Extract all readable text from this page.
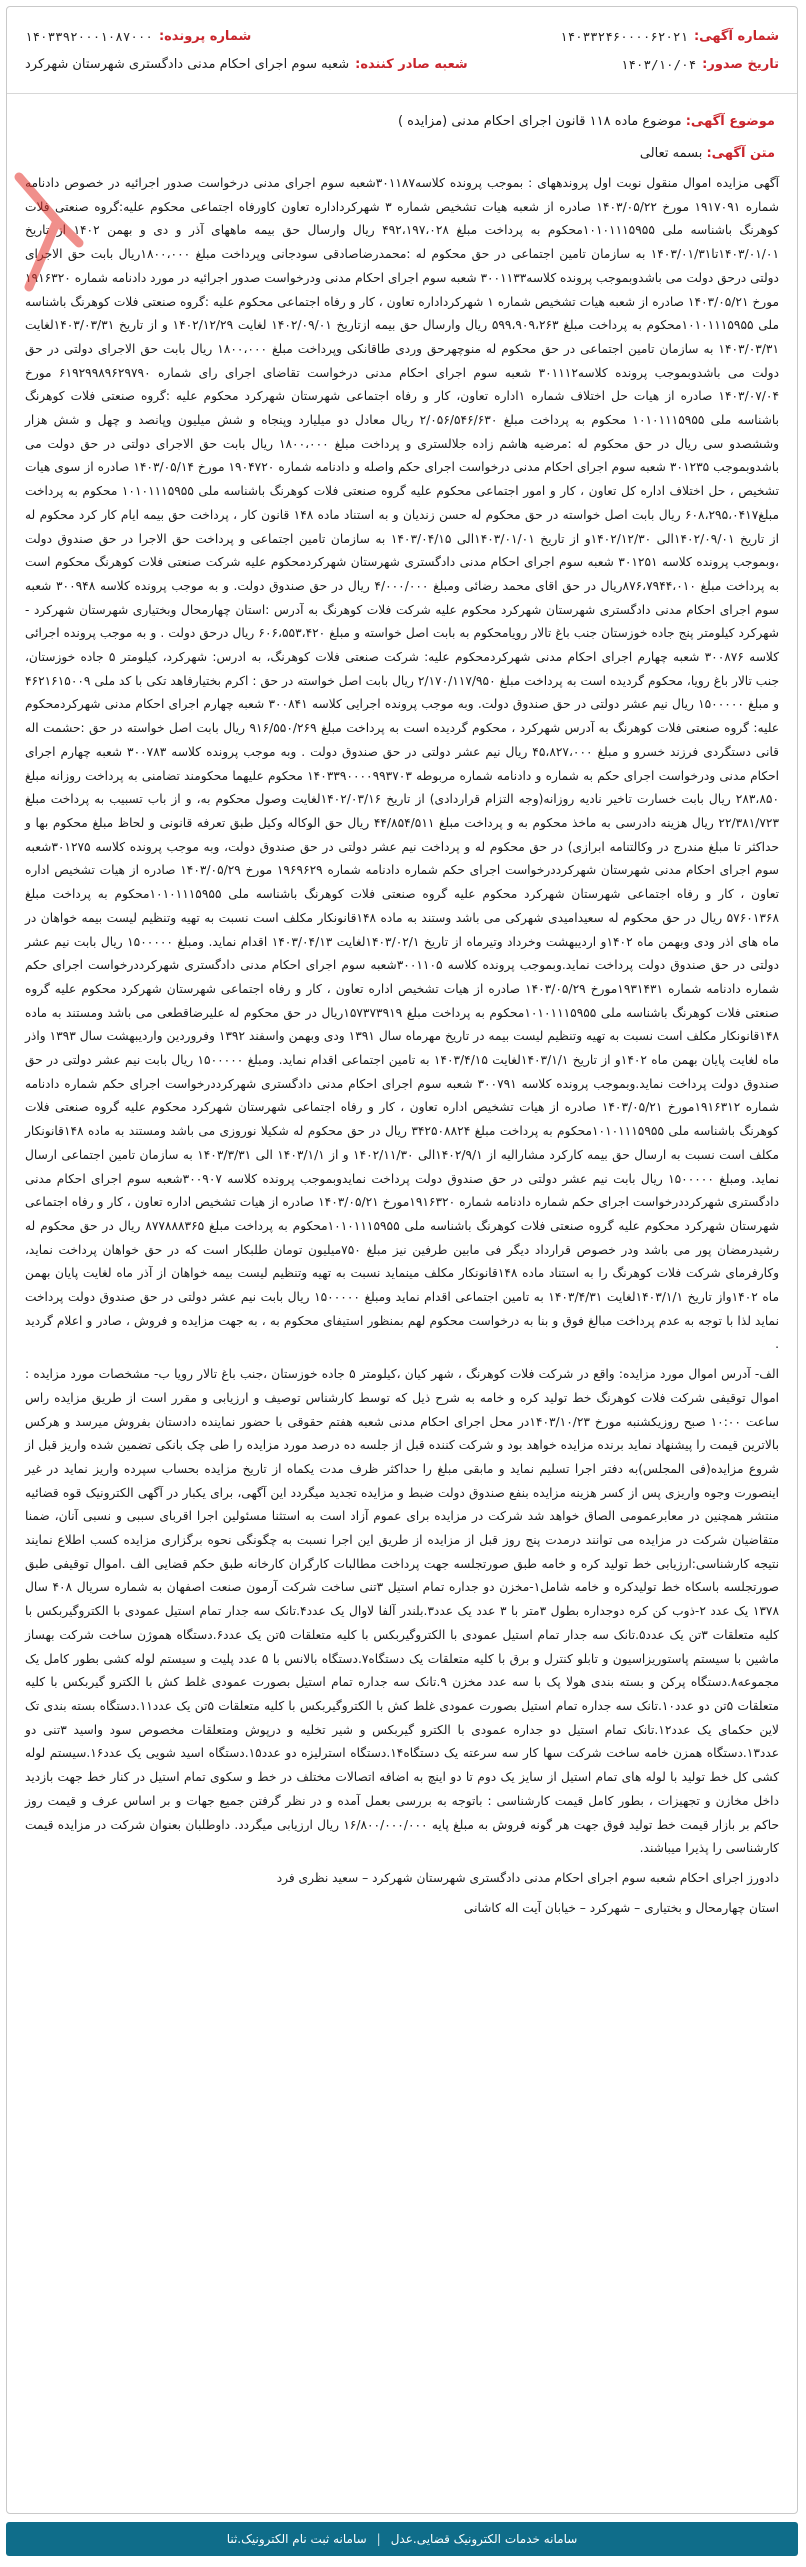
شماره آگهی:
۱۴۰۳۳۲۴۶۰۰۰۰۶۲۰۲۱
شماره پرونده:
۱۴۰۳۳۹۲۰۰۰۱۰۸۷۰۰۰
تاریخ صدور:
۱۴۰۳/۱۰/۰۴
شعبه صادر کننده:
شعبه سوم اجرای احکام مدنی دادگستری شهرستان شهرکرد
موضوع آگهی: موضوع ماده ۱۱۸ قانون اجرای احکام مدنی (مزایده )
متن آگهی: بسمه تعالی

آگهی مزایده اموال منقول نوبت اول پروندههای : بموجب پرونده کلاسه۳۰۱۱۸۷شعبه سوم اجرای مدنی درخواست صدور اجرائیه در خصوص دادنامه شماره ۱۹۱۷۰۹۱ مورخ ۱۴۰۳/۰۵/۲۲ صادره از شعبه هیات تشخیص شماره ۳ شهرکرداداره تعاون کاورفاه اجتماعی محکوم علیه:گروه صنعتی فلات کوهرنگ باشناسه ملی ۱۰۱۰۱۱۱۵۹۵۵محکوم به پرداخت مبلغ ۴۹۲،۱۹۷،۰۲۸ ریال وارسال حق بیمه ماههای آذر و دی و بهمن ۱۴۰۲ از تاریخ ۱۴۰۳/۰۱/۰۱تا۱۴۰۳/۰۱/۳۱ به سازمان تامین اجتماعی در حق محکوم له :محمدرضاصادقی سودجانی وپرداخت مبلغ ۱۸۰۰،۰۰۰ریال بابت حق الاجرای دولتی درحق دولت می باشدوبموجب پرونده کلاسه۳۰۰۱۱۳۳ شعبه سوم اجرای احکام مدنی ودرخواست صدور اجرائیه در مورد دادنامه شماره ۱۹۱۶۳۲۰ مورخ ۱۴۰۳/۰۵/۲۱ صادره از شعبه هیات تشخیص شماره ۱ شهرکرداداره تعاون ، کار و رفاه اجتماعی محکوم علیه :گروه صنعتی فلات کوهرنگ باشناسه ملی ۱۰۱۰۱۱۱۵۹۵۵محکوم به پرداخت مبلغ ۵۹۹،۹۰۹،۲۶۳ ریال وارسال حق بیمه ازتاریخ ۱۴۰۲/۰۹/۰۱ لغایت ۱۴۰۲/۱۲/۲۹ و از تاریخ ۱۴۰۳/۰۳/۳۱لغایت ۱۴۰۳/۰۳/۳۱ به سازمان تامین اجتماعی در حق محکوم له منوچهرحق وردی طاقانکی وپرداخت مبلغ ۱۸۰۰،۰۰۰ ریال بابت حق الاجرای دولتی در حق دولت می باشدوبموجب پرونده کلاسه۳۰۱۱۱۲ شعبه سوم اجرای احکام مدنی درخواست تقاضای اجرای رای شماره ۶۱۹۲۹۹۸۹۶۲۹۷۹۰ مورخ ۱۴۰۳/۰۷/۰۴ صادره از هیات حل اختلاف شماره ۱اداره تعاون، کار و رفاه اجتماعی شهرستان شهرکرد محکوم علیه :گروه صنعتی فلات کوهرنگ باشناسه ملی ۱۰۱۰۱۱۱۵۹۵۵ محکوم به پرداخت مبلغ ۲/۰۵۶/۵۴۶/۶۳۰ ریال معادل دو میلیارد وپنجاه و شش میلیون وپانصد و چهل و شش هزار وششصدو سی ریال در حق محکوم له :مرضیه هاشم زاده جلالستری و پرداخت مبلغ ۱۸۰۰،۰۰۰ ریال بابت حق الاجرای دولتی در حق دولت می باشدوبموجب ۳۰۱۲۳۵ شعبه سوم اجرای احکام مدنی درخواست اجرای حکم واصله و دادنامه شماره ۱۹۰۴۷۲۰ مورخ ۱۴۰۳/۰۵/۱۴ صادره از سوی هیات تشخیص ، حل اختلاف اداره کل تعاون ، کار و امور اجتماعی محکوم علیه گروه صنعتی فلات کوهرنگ باشناسه ملی ۱۰۱۰۱۱۱۵۹۵۵ محکوم به پرداخت مبلغ۶۰۸،۲۹۵،۰۴۱۷ ریال بابت اصل خواسته در حق محکوم له حسن زندیان و به استناد ماده ۱۴۸ قانون کار ، پرداخت حق بیمه ایام کار کرد محکوم له از تاریخ ۱۴۰۲/۰۹/۰۱الی ۱۴۰۲/۱۲/۳۰و از تاریخ ۱۴۰۳/۰۱/۰۱الی ۱۴۰۳/۰۴/۱۵ به سازمان تامین اجتماعی و پرداخت حق الاجرا در حق صندوق دولت ،وبموجب پرونده کلاسه ۳۰۱۲۵۱ شعبه سوم اجرای احکام مدنی دادگستری شهرستان شهرکردمحکوم علیه شرکت صنعتی فلات کوهرنگ محکوم است به پرداخت مبلغ ۸۷۶،۷۹۴۴،۰۱۰ریال در حق اقای محمد رضائی ومبلغ ۴/۰۰۰/۰۰۰ ریال در حق صندوق دولت. و به موجب پرونده کلاسه ۳۰۰۹۴۸ شعبه سوم اجرای احکام مدنی دادگستری شهرستان شهرکرد محکوم علیه شرکت فلات کوهرنگ به آدرس :استان چهارمحال وبختیاری شهرستان شهرکرد - شهرکرد کیلومتر پنج جاده خوزستان جنب باغ تالار رویامحکوم به بابت اصل خواسته و مبلغ ۶۰۶،۵۵۳،۴۲۰ ریال درحق دولت . و به موجب پرونده اجرائی کلاسه ۳۰۰۸۷۶ شعبه چهارم اجرای احکام مدنی شهرکردمحکوم علیه: شرکت صنعتی فلات کوهرنگ، به ادرس: شهرکرد، کیلومتر ۵ جاده خوزستان، جنب تالار باغ رویا، محکوم گردیده است به پرداخت مبلغ ۲/۱۷۰/۱۱۷/۹۵۰ ریال بابت اصل خواسته در حق : اکرم بختیارفاهد تکی با کد ملی ۴۶۲۱۶۱۵۰۰۹ و مبلغ ۱۵۰۰۰۰۰ ریال نیم عشر دولتی در حق صندوق دولت. وبه موجب پرونده اجرایی کلاسه ۳۰۰۸۴۱ شعبه چهارم اجرای احکام مدنی شهرکردمحکوم علیه: گروه صنعتی فلات کوهرنگ به آدرس شهرکرد ، محکوم گردیده است به پرداخت مبلغ ۹۱۶/۵۵۰/۲۶۹ ریال بابت اصل خواسته در حق :حشمت اله قانی دستگردی فرزند خسرو و مبلغ ۴۵،۸۲۷،۰۰۰ ریال نیم عشر دولتی در حق صندوق دولت . وبه موجب پرونده کلاسه ۳۰۰۷۸۳ شعبه چهارم اجرای احکام مدنی ودرخواست اجرای حکم به شماره و دادنامه شماره مربوطه ۱۴۰۳۳۹۰۰۰۰۹۹۳۷۰۳ محکوم علیهما محکومند تضامنی به پرداخت روزانه مبلغ ۲۸۳،۸۵۰ ریال بابت خسارت تاخیر نادیه روزانه(وجه التزام قراردادی) از تاریخ ۱۴۰۲/۰۳/۱۶لغایت وصول محکوم به، و از باب تسبیب به پرداخت مبلغ ۲۲/۳۸۱/۷۲۳ ریال هزینه دادرسی به ماخذ محکوم به و پرداخت مبلغ ۴۴/۸۵۴/۵۱۱ ریال حق الوکاله وکیل طبق تعرفه قانونی و لحاظ مبلغ محکوم بها و حداکثر تا مبلغ مندرج در وکالتنامه ابرازی) در حق محکوم له و پرداخت نیم عشر دولتی در حق صندوق دولت، وبه موجب پرونده کلاسه ۳۰۱۲۷۵شعبه سوم اجرای احکام مدنی شهرستان شهرکرددرخواست اجرای حکم شماره دادنامه شماره ۱۹۶۹۶۲۹ مورخ ۱۴۰۳/۰۵/۲۹ صادره از هیات تشخیص اداره تعاون ، کار و رفاه اجتماعی شهرستان شهرکرد محکوم علیه گروه صنعتی فلات کوهرنگ باشناسه ملی ۱۰۱۰۱۱۱۵۹۵۵محکوم به پرداخت مبلغ ۵۷۶۰۱۳۶۸ ریال در حق محکوم له سعیدامیدی شهرکی می باشد وستند به ماده ۱۴۸قانونکار مکلف است نسبت به تهیه وتنظیم لیست بیمه خواهان در ماه های اذر ودی وبهمن ماه ۱۴۰۲و اردیبهشت وخرداد وتیرماه از تاریخ ۱۴۰۳/۰۲/۱لغایت ۱۴۰۳/۰۴/۱۳ اقدام نماید. ومبلغ ۱۵۰۰۰۰۰ ریال بابت نیم عشر دولتی در حق صندوق دولت پرداخت نماید.وبموجب پرونده کلاسه ۳۰۰۱۱۰۵شعبه سوم اجرای احکام مدنی دادگستری شهرکرددرخواست اجرای حکم شماره دادنامه شماره ۱۹۳۱۴۳۱مورخ ۱۴۰۳/۰۵/۲۹ صادره از هیات تشخیص اداره تعاون ، کار و رفاه اجتماعی شهرستان شهرکرد محکوم علیه گروه صنعتی فلات کوهرنگ باشناسه ملی ۱۰۱۰۱۱۱۵۹۵۵محکوم به پرداخت مبلغ ۱۵۷۳۷۳۹۱۹ریال در حق محکوم له علیرضاقطعی می باشد ومستند به ماده ۱۴۸قانونکار مکلف است نسبت به تهیه وتنظیم لیست بیمه در تاریخ مهرماه سال ۱۳۹۱ ودی وبهمن واسفند ۱۳۹۲ وفروردین واردیبهشت سال ۱۳۹۳ واذر ماه لغایت پایان بهمن ماه ۱۴۰۲و از تاریخ ۱۴۰۳/۱/۱لغایت ۱۴۰۳/۴/۱۵ به تامین اجتماعی اقدام نماید. ومبلغ ۱۵۰۰۰۰۰ ریال بابت نیم عشر دولتی در حق صندوق دولت پرداخت نماید.وبموجب پرونده کلاسه ۳۰۰۷۹۱ شعبه سوم اجرای احکام مدنی دادگستری شهرکرددرخواست اجرای حکم شماره دادنامه شماره ۱۹۱۶۳۱۲مورخ ۱۴۰۳/۰۵/۲۱ صادره از هیات تشخیص اداره تعاون ، کار و رفاه اجتماعی شهرستان شهرکرد محکوم علیه گروه صنعتی فلات کوهرنگ باشناسه ملی ۱۰۱۰۱۱۱۵۹۵۵محکوم به پرداخت مبلغ ۳۴۲۵۰۸۸۲۴ ریال در حق محکوم له شکیلا نوروزی می باشد ومستند به ماده ۱۴۸قانونکار مکلف است نسبت به ارسال حق بیمه کارکرد مشارالیه از ۱۴۰۲/۹/۱الی ۱۴۰۲/۱۱/۳۰ و از ۱۴۰۳/۱/۱ الی ۱۴۰۳/۳/۳۱ به سازمان تامین اجتماعی ارسال نماید. ومبلغ ۱۵۰۰۰۰۰ ریال بابت نیم عشر دولتی در حق صندوق دولت پرداخت نمایدوبموجب پرونده کلاسه ۳۰۰۹۰۷شعبه سوم اجرای احکام مدنی دادگستری شهرکرددرخواست اجرای حکم شماره دادنامه شماره ۱۹۱۶۳۲۰مورخ ۱۴۰۳/۰۵/۲۱ صادره از هیات تشخیص اداره تعاون ، کار و رفاه اجتماعی شهرستان شهرکرد محکوم علیه گروه صنعتی فلات کوهرنگ باشناسه ملی ۱۰۱۰۱۱۱۵۹۵۵محکوم به پرداخت مبلغ ۸۷۷۸۸۸۳۶۵ ریال در حق محکوم له رشیدرمضان پور می باشد ودر خصوص قرارداد دیگر فی مابین طرفین نیز مبلغ ۷۵۰میلیون تومان طلبکار است که در حق خواهان پرداخت نماید، وکارفرمای شرکت فلات کوهرنگ را به استناد ماده ۱۴۸قانونکار مکلف مینماید نسبت به تهیه وتنظیم لیست بیمه خواهان از آذر ماه لغایت پایان بهمن ماه ۱۴۰۲واز تاریخ ۱۴۰۳/۱/۱لغایت ۱۴۰۳/۴/۳۱ به تامین اجتماعی اقدام نماید ومبلغ ۱۵۰۰۰۰۰ ریال بابت نیم عشر دولتی در حق صندوق دولت پرداخت نماید لذا با توجه به عدم پرداخت مبالغ فوق و بنا به درخواست محکوم لهم بمنظور استیفای محکوم به ، به جهت مزایده و فروش ، صادر و اعلام گردید .

الف- آدرس اموال مورد مزایده: واقع در شرکت فلات کوهرنگ ، شهر کیان ،کیلومتر ۵ جاده خوزستان ،جنب باغ تالار رویا ب- مشخصات مورد مزایده : اموال توقیفی شرکت فلات کوهرنگ خط تولید کره و خامه به شرح ذیل که توسط کارشناس توصیف و ارزیابی و مقرر است از طریق مزایده راس ساعت ۱۰:۰۰ صبح روزیکشنبه مورخ ۱۴۰۳/۱۰/۲۳در محل اجرای احکام مدنی شعبه هفتم حقوقی با حضور نماینده دادستان بفروش میرسد و هرکس بالاترین قیمت را پیشنهاد نماید برنده مزایده خواهد بود و شرکت کننده قبل از جلسه ده درصد مورد مزایده را طی چک بانکی تضمین شده واریز قبل از شروع مزایده(فی المجلس)به دفتر اجرا تسلیم نماید و مابقی مبلغ را حداکثر ظرف مدت یکماه از تاریخ مزایده بحساب سپرده واریز نماید در غیر اینصورت وجوه واریزی پس از کسر هزینه مزایده بنفع صندوق دولت ضبط و مزایده تجدید میگردد این آگهی، برای یکبار در آگهی الکترونیک قوه قضائیه منتشر همچنین در معابرعمومی الصاق خواهد شد شرکت در مزایده برای عموم آزاد است به استثنا مسئولین اجرا اقربای سببی و نسبی آنان، ضمنا متقاضیان شرکت در مزایده می توانند درمدت پنج روز قبل از مزایده از طریق این اجرا نسبت به چگونگی نحوه برگزاری مزایده کسب اطلاع نمایند نتیجه کارشناسی:ارزیابی خط تولید کره و خامه طبق صورتجلسه جهت پرداخت مطالبات کارگران کارخانه طبق حکم قضایی الف .اموال توقیفی طبق صورتجلسه باسکاه خط تولیدکره و خامه شامل۱-مخزن دو جداره تمام استیل ۳تنی ساخت شرکت آرمون صنعت اصفهان به شماره سریال ۴۰۸ سال ۱۳۷۸ یک عدد ۲-ذوب کن کره دوجداره بطول ۳متر با ۳ عدد یک عدد۳.بلندر آلفا لاوال یک عدد۴.تانک سه جدار تمام استیل عمودی با الکتروگیربکس با کلیه متعلقات ۳تن یک عدد۵.تانک سه جدار تمام استیل عمودی با الکتروگیربکس با کلیه متعلقات ۵تن یک عدد۶.دستگاه هموژن ساخت شرکت بهساز ماشین با سیستم پاستوریزاسیون و تابلو کنترل و برق با کلیه متعلقات یک دستگاه۷.دستگاه بالانس با ۵ عدد پلیت و سیستم لوله کشی بطور کامل یک مجموعه۸.دستگاه پرکن و بسته بندی هولا پک با سه عدد مخزن ۹.تانک سه جداره تمام استیل بصورت عمودی غلط کش با الکترو گیربکس با کلیه متعلقات ۵تن دو عدد۱۰.تانک سه جداره تمام استیل بصورت عمودی غلط کش با الکتروگیربکس با کلیه متعلقات ۵تن یک عدد۱۱.دستگاه بسته بندی تک لاین حکمای یک عدد۱۲.تانک تمام استیل دو جداره عمودی با الکترو گیربکس و شیر تخلیه و درپوش ومتعلقات مخصوص سود واسید ۳تنی دو عدد۱۳.دستگاه همزن خامه ساخت شرکت سها کار سه سرعته یک دستگاه۱۴.دستگاه استرلیزه دو عدد۱۵.دستگاه اسید شویی یک عدد۱۶.سیستم لوله کشی کل خط تولید با لوله های تمام استیل از سایز یک دوم تا دو اینچ به اضافه اتصالات مختلف در خط و سکوی تمام استیل در کنار خط جهت بازدید داخل مخازن و تجهیزات ، بطور کامل قیمت کارشناسی : باتوجه به بررسی بعمل آمده و در نظر گرفتن جمیع جهات و بر اساس عرف و قیمت روز حاکم بر بازار قیمت خط تولید فوق جهت هر گونه فروش به مبلغ پایه ۱۶/۸۰۰/۰۰۰/۰۰۰ ریال ارزیابی میگردد. داوطلبان بعنوان شرکت در مزایده قیمت کارشناسی را پذیرا میباشند.

دادورز اجرای احکام شعبه سوم اجرای احکام مدنی دادگستری شهرستان شهرکرد – سعید نظری فرد

استان چهارمحال و بختیاری – شهرکرد – خیابان آیت اله کاشانی

سامانه خدمات الکترونیک قضایی.عدل
|
سامانه ثبت نام الکترونیک.ثنا
